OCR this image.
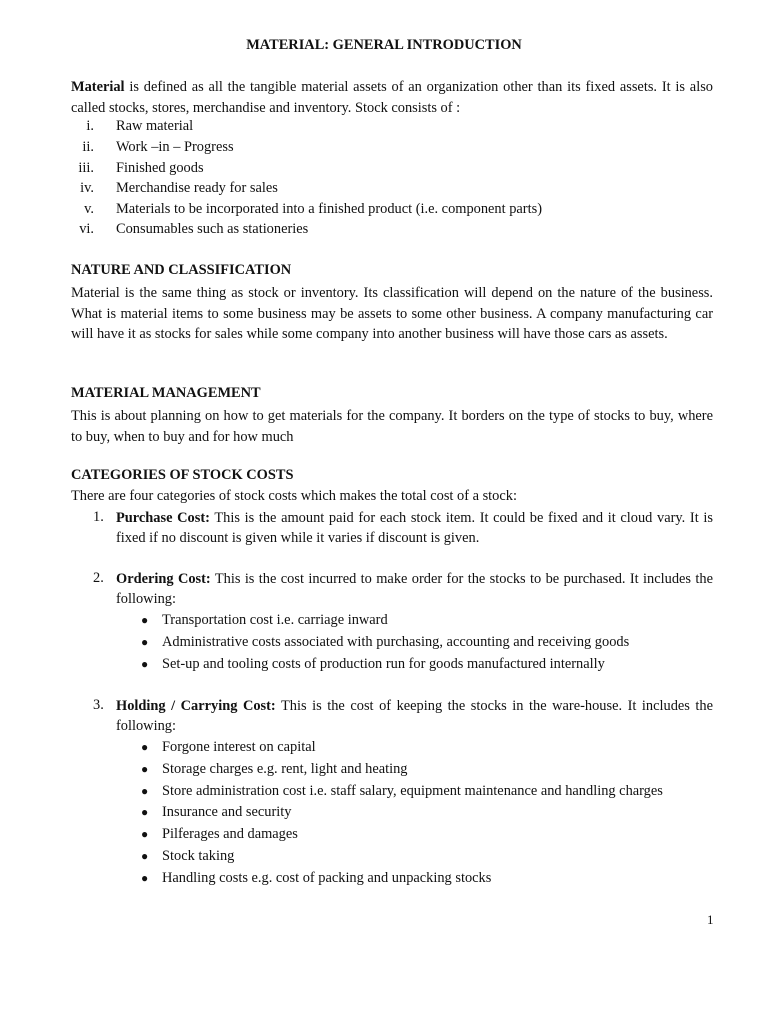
MATERIAL: GENERAL INTRODUCTION
Material is defined as all the tangible material assets of an organization other than its fixed assets. It is also called stocks, stores, merchandise and inventory. Stock consists of :
i. Raw material
ii. Work –in – Progress
iii. Finished goods
iv. Merchandise ready for sales
v. Materials to be incorporated into a finished product (i.e. component parts)
vi. Consumables such as stationeries
NATURE AND CLASSIFICATION
Material is the same thing as stock or inventory. Its classification will depend on the nature of the business. What is material items to some business may be assets to some other business. A company manufacturing car will have it as stocks for sales while some company into another business will have those cars as assets.
MATERIAL MANAGEMENT
This is about planning on how to get materials for the company. It borders on the type of stocks to buy, where to buy, when to buy and for how much
CATEGORIES OF STOCK COSTS
There are four categories of stock costs which makes the total cost of a stock:
1. Purchase Cost: This is the amount paid for each stock item. It could be fixed and it cloud vary. It is fixed if no discount is given while it varies if discount is given.
2. Ordering Cost: This is the cost incurred to make order for the stocks to be purchased. It includes the following:
● Transportation cost i.e. carriage inward
● Administrative costs associated with purchasing, accounting and receiving goods
● Set-up and tooling costs of production run for goods manufactured internally
3. Holding / Carrying Cost: This is the cost of keeping the stocks in the ware-house. It includes the following:
● Forgone interest on capital
● Storage charges e.g. rent, light and heating
● Store administration cost i.e. staff salary, equipment maintenance and handling charges
● Insurance and security
● Pilferages and damages
● Stock taking
● Handling costs e.g. cost of packing and unpacking stocks
1
